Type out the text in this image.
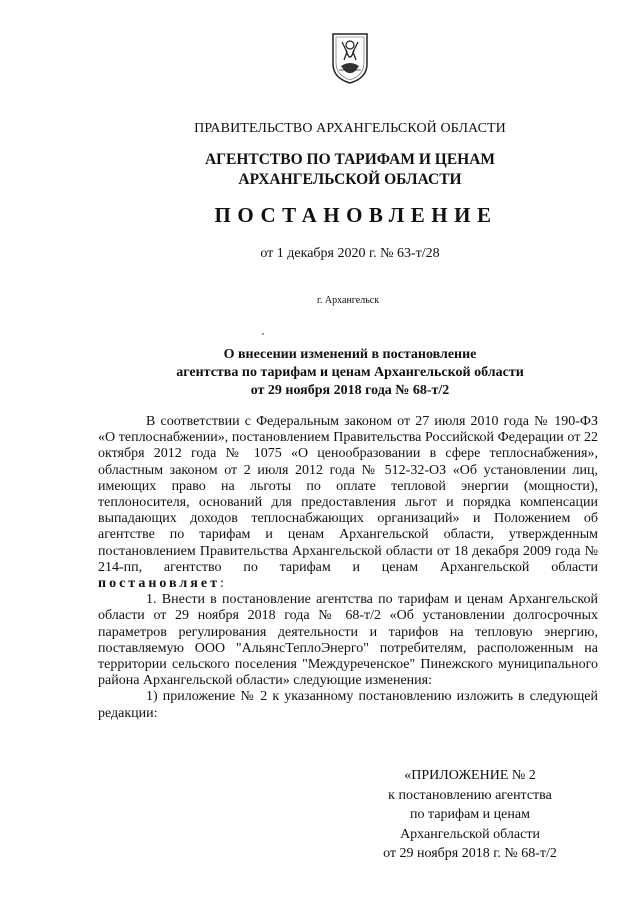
ПРАВИТЕЛЬСТВО АРХАНГЕЛЬСКОЙ ОБЛАСТИ
АГЕНТСТВО ПО ТАРИФАМ И ЦЕНАМ
АРХАНГЕЛЬСКОЙ ОБЛАСТИ
ПОСТАНОВЛЕНИЕ
от 1 декабря 2020 г. № 63-т/28
г. Архангельск
О внесении изменений в постановление
агентства по тарифам и ценам Архангельской области
от 29 ноября 2018 года № 68-т/2

В соответствии с Федеральным законом от 27 июля 2010 года № 190-ФЗ «О теплоснабжении», постановлением Правительства Российской Федерации от 22 октября 2012 года № 1075 «О ценообразовании в сфере теплоснабжения», областным законом от 2 июля 2012 года № 512-32-ОЗ «Об установлении лиц, имеющих право на льготы по оплате тепловой энергии (мощности), теплоносителя, оснований для предоставления льгот и порядка компенсации выпадающих доходов теплоснабжающих организаций» и Положением об агентстве по тарифам и ценам Архангельской области, утвержденным постановлением Правительства Архангельской области от 18 декабря 2009 года № 214-пп, агентство по тарифам и ценам Архангельской области постановляет:

1. Внести в постановление агентства по тарифам и ценам Архангельской области от 29 ноября 2018 года № 68-т/2 «Об установлении долгосрочных параметров регулирования деятельности и тарифов на тепловую энергию, поставляемую ООО "АльянсТеплоЭнерго" потребителям, расположенным на территории сельского поселения "Междуреченское" Пинежского муниципального района Архангельской области» следующие изменения:

1) приложение № 2 к указанному постановлению изложить в следующей редакции:

«ПРИЛОЖЕНИЕ № 2
к постановлению агентства
по тарифам и ценам
Архангельской области
от 29 ноября 2018 г. № 68-т/2
